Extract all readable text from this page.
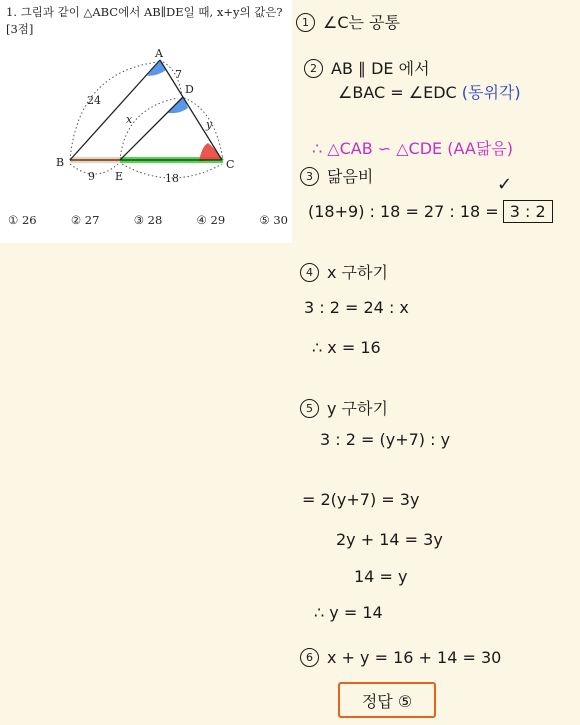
1. 그림과 같이 △ABC에서 AB∥DE일 때, x+y의 값은? [3점]
A
B	C
D
E
24
7
x	y
9	18
① 26	② 27	③ 28	④ 29	⑤ 30
1 ∠C는 공통
2 AB ∥ DE 에서
∠BAC = ∠EDC (동위각)
∴ △CAB ∽ △CDE (AA닮음)
3 닮음비	✓
(18+9) : 18 = 27 : 18 = 3 : 2
4 x 구하기
3 : 2 = 24 : x
∴ x = 16
5 y 구하기
3 : 2 = (y+7) : y
= 2(y+7) = 3y
2y + 14 = 3y
14 = y
∴ y = 14
6 x + y = 16 + 14 = 30
정답 ⑤
